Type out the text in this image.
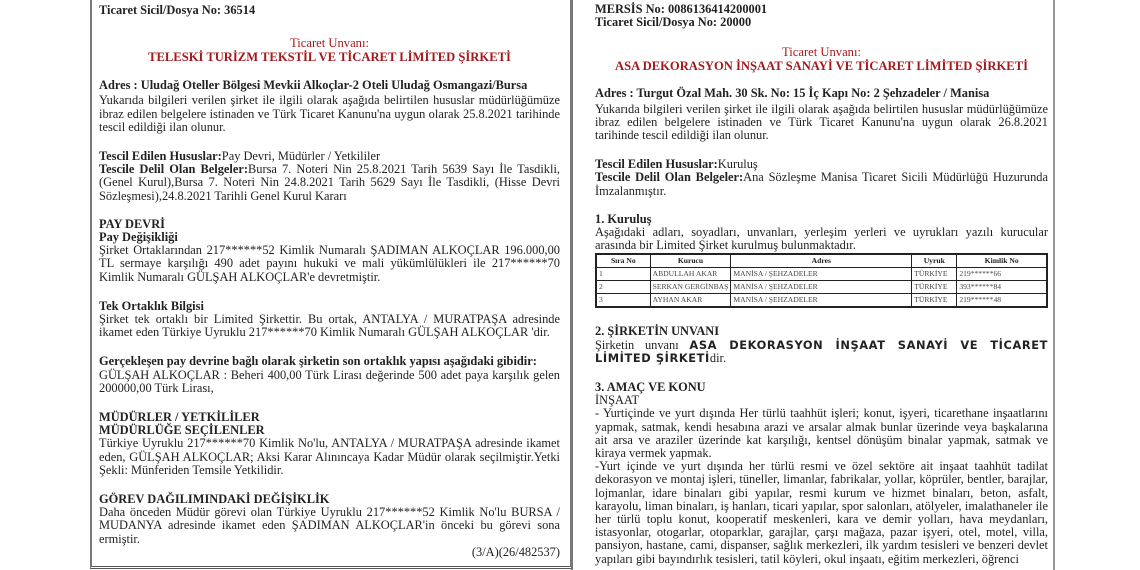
Ticaret Sicil/Dosya No: 36514

Ticaret Unvanı:
TELESKİ TURİZM TEKSTİL VE TİCARET LİMİTED ŞİRKETİ

Adres : Uludağ Oteller Bölgesi Mevkii Alkoçlar-2 Oteli Uludağ Osmangazi/Bursa

Yukarıda bilgileri verilen şirket ile ilgili olarak aşağıda belirtilen hususlar müdürlüğümüze ibraz edilen belgelere istinaden ve Türk Ticaret Kanunu'na uygun olarak 25.8.2021 tarihinde tescil edildiği ilan olunur.

Tescil Edilen Hususlar:Pay Devri, Müdürler / Yetkililer

Tescile Delil Olan Belgeler:Bursa 7. Noteri Nin 25.8.2021 Tarih 5639 Sayı İle Tasdikli, (Genel Kurul),Bursa 7. Noteri Nin 24.8.2021 Tarih 5629 Sayı İle Tasdikli, (Hisse Devri Sözleşmesi),24.8.2021 Tarihli Genel Kurul Kararı

PAY DEVRİ

Pay Değişikliği

Şirket Ortaklarından 217******52 Kimlik Numaralı ŞADIMAN ALKOÇLAR 196.000,00 TL sermaye karşılığı 490 adet payını hukuki ve mali yükümlülükleri ile 217******70 Kimlik Numaralı GÜLŞAH ALKOÇLAR'e devretmiştir.

Tek Ortaklık Bilgisi

Şirket tek ortaklı bir Limited Şirkettir. Bu ortak, ANTALYA / MURATPAŞA adresinde ikamet eden Türkiye Uyruklu 217******70 Kimlik Numaralı GÜLŞAH ALKOÇLAR 'dir.

Gerçekleşen pay devrine bağlı olarak şirketin son ortaklık yapısı aşağıdaki gibidir:

GÜLŞAH ALKOÇLAR : Beheri 400,00 Türk Lirası değerinde 500 adet paya karşılık gelen 200000,00 Türk Lirası,

MÜDÜRLER / YETKİLİLER

MÜDÜRLÜĞE SEÇİLENLER

Türkiye Uyruklu 217******70 Kimlik No'lu, ANTALYA / MURATPAŞA adresinde ikamet eden, GÜLŞAH ALKOÇLAR; Aksi Karar Alınıncaya Kadar Müdür olarak seçilmiştir.Yetki Şekli: Münferiden Temsile Yetkilidir.

GÖREV DAĞILIMINDAKİ DEĞİŞİKLİK

Daha önceden Müdür görevi olan Türkiye Uyruklu 217******52 Kimlik No'lu BURSA / MUDANYA adresinde ikamet eden ŞADIMAN ALKOÇLAR'in önceki bu görevi sona ermiştir.

(3/A)(26/482537)

MERSİS No: 0086136414200001

Ticaret Sicil/Dosya No: 20000

Ticaret Unvanı:
ASA DEKORASYON İNŞAAT SANAYİ VE TİCARET LİMİTED ŞİRKETİ

Adres : Turgut Özal Mah. 30 Sk. No: 15 İç Kapı No: 2 Şehzadeler / Manisa

Yukarıda bilgileri verilen şirket ile ilgili olarak aşağıda belirtilen hususlar müdürlüğümüze ibraz edilen belgelere istinaden ve Türk Ticaret Kanunu'na uygun olarak 26.8.2021 tarihinde tescil edildiği ilan olunur.

Tescil Edilen Hususlar:Kuruluş

Tescile Delil Olan Belgeler:Ana Sözleşme Manisa Ticaret Sicili Müdürlüğü Huzurunda İmzalanmıştır.

1. Kuruluş

Aşağıdaki adları, soyadları, unvanları, yerleşim yerleri ve uyrukları yazılı kurucular arasında bir Limited Şirket kurulmuş bulunmaktadır.

Sıra No	Kurucu	Adres	Uyruk	Kimlik No
1	ABDULLAH AKAR	MANİSA / ŞEHZADELER	TÜRKİYE	219******66
2	SERKAN GERGİNBAŞ	MANİSA / ŞEHZADELER	TÜRKİYE	393******84
3	AYHAN AKAR	MANİSA / ŞEHZADELER	TÜRKİYE	219******48

2. ŞİRKETİN UNVANI

Şirketin unvanı ASA DEKORASYON İNŞAAT SANAYİ VE TİCARET LİMİTED ŞİRKETİdir.

3. AMAÇ VE KONU

İNŞAAT

- Yurtiçinde ve yurt dışında Her türlü taahhüt işleri; konut, işyeri, ticarethane inşaatlarını yapmak, satmak, kendi hesabına arazi ve arsalar almak bunlar üzerinde veya başkalarına ait arsa ve araziler üzerinde kat karşılığı, kentsel dönüşüm binalar yapmak, satmak ve kiraya vermek yapmak.

-Yurt içinde ve yurt dışında her türlü resmi ve özel sektöre ait inşaat taahhüt tadilat dekorasyon ve montaj işleri, tüneller, limanlar, fabrikalar, yollar, köprüler, bentler, barajlar, lojmanlar, idare binaları gibi yapılar, resmi kurum ve hizmet binaları, beton, asfalt, karayolu, liman binaları, iş hanları, ticari yapılar, spor salonları, atölyeler, imalathaneler ile her türlü toplu konut, kooperatif meskenleri, kara ve demir yolları, hava meydanları, istasyonlar, otogarlar, otoparklar, garajlar, çarşı mağaza, pazar işyeri, otel, motel, villa, pansiyon, hastane, cami, dispanser, sağlık merkezleri, ilk yardım tesisleri ve benzeri devlet yapıları gibi bayındırlık tesisleri, tatil köyleri, okul inşaatı, eğitim merkezleri, öğrenci
